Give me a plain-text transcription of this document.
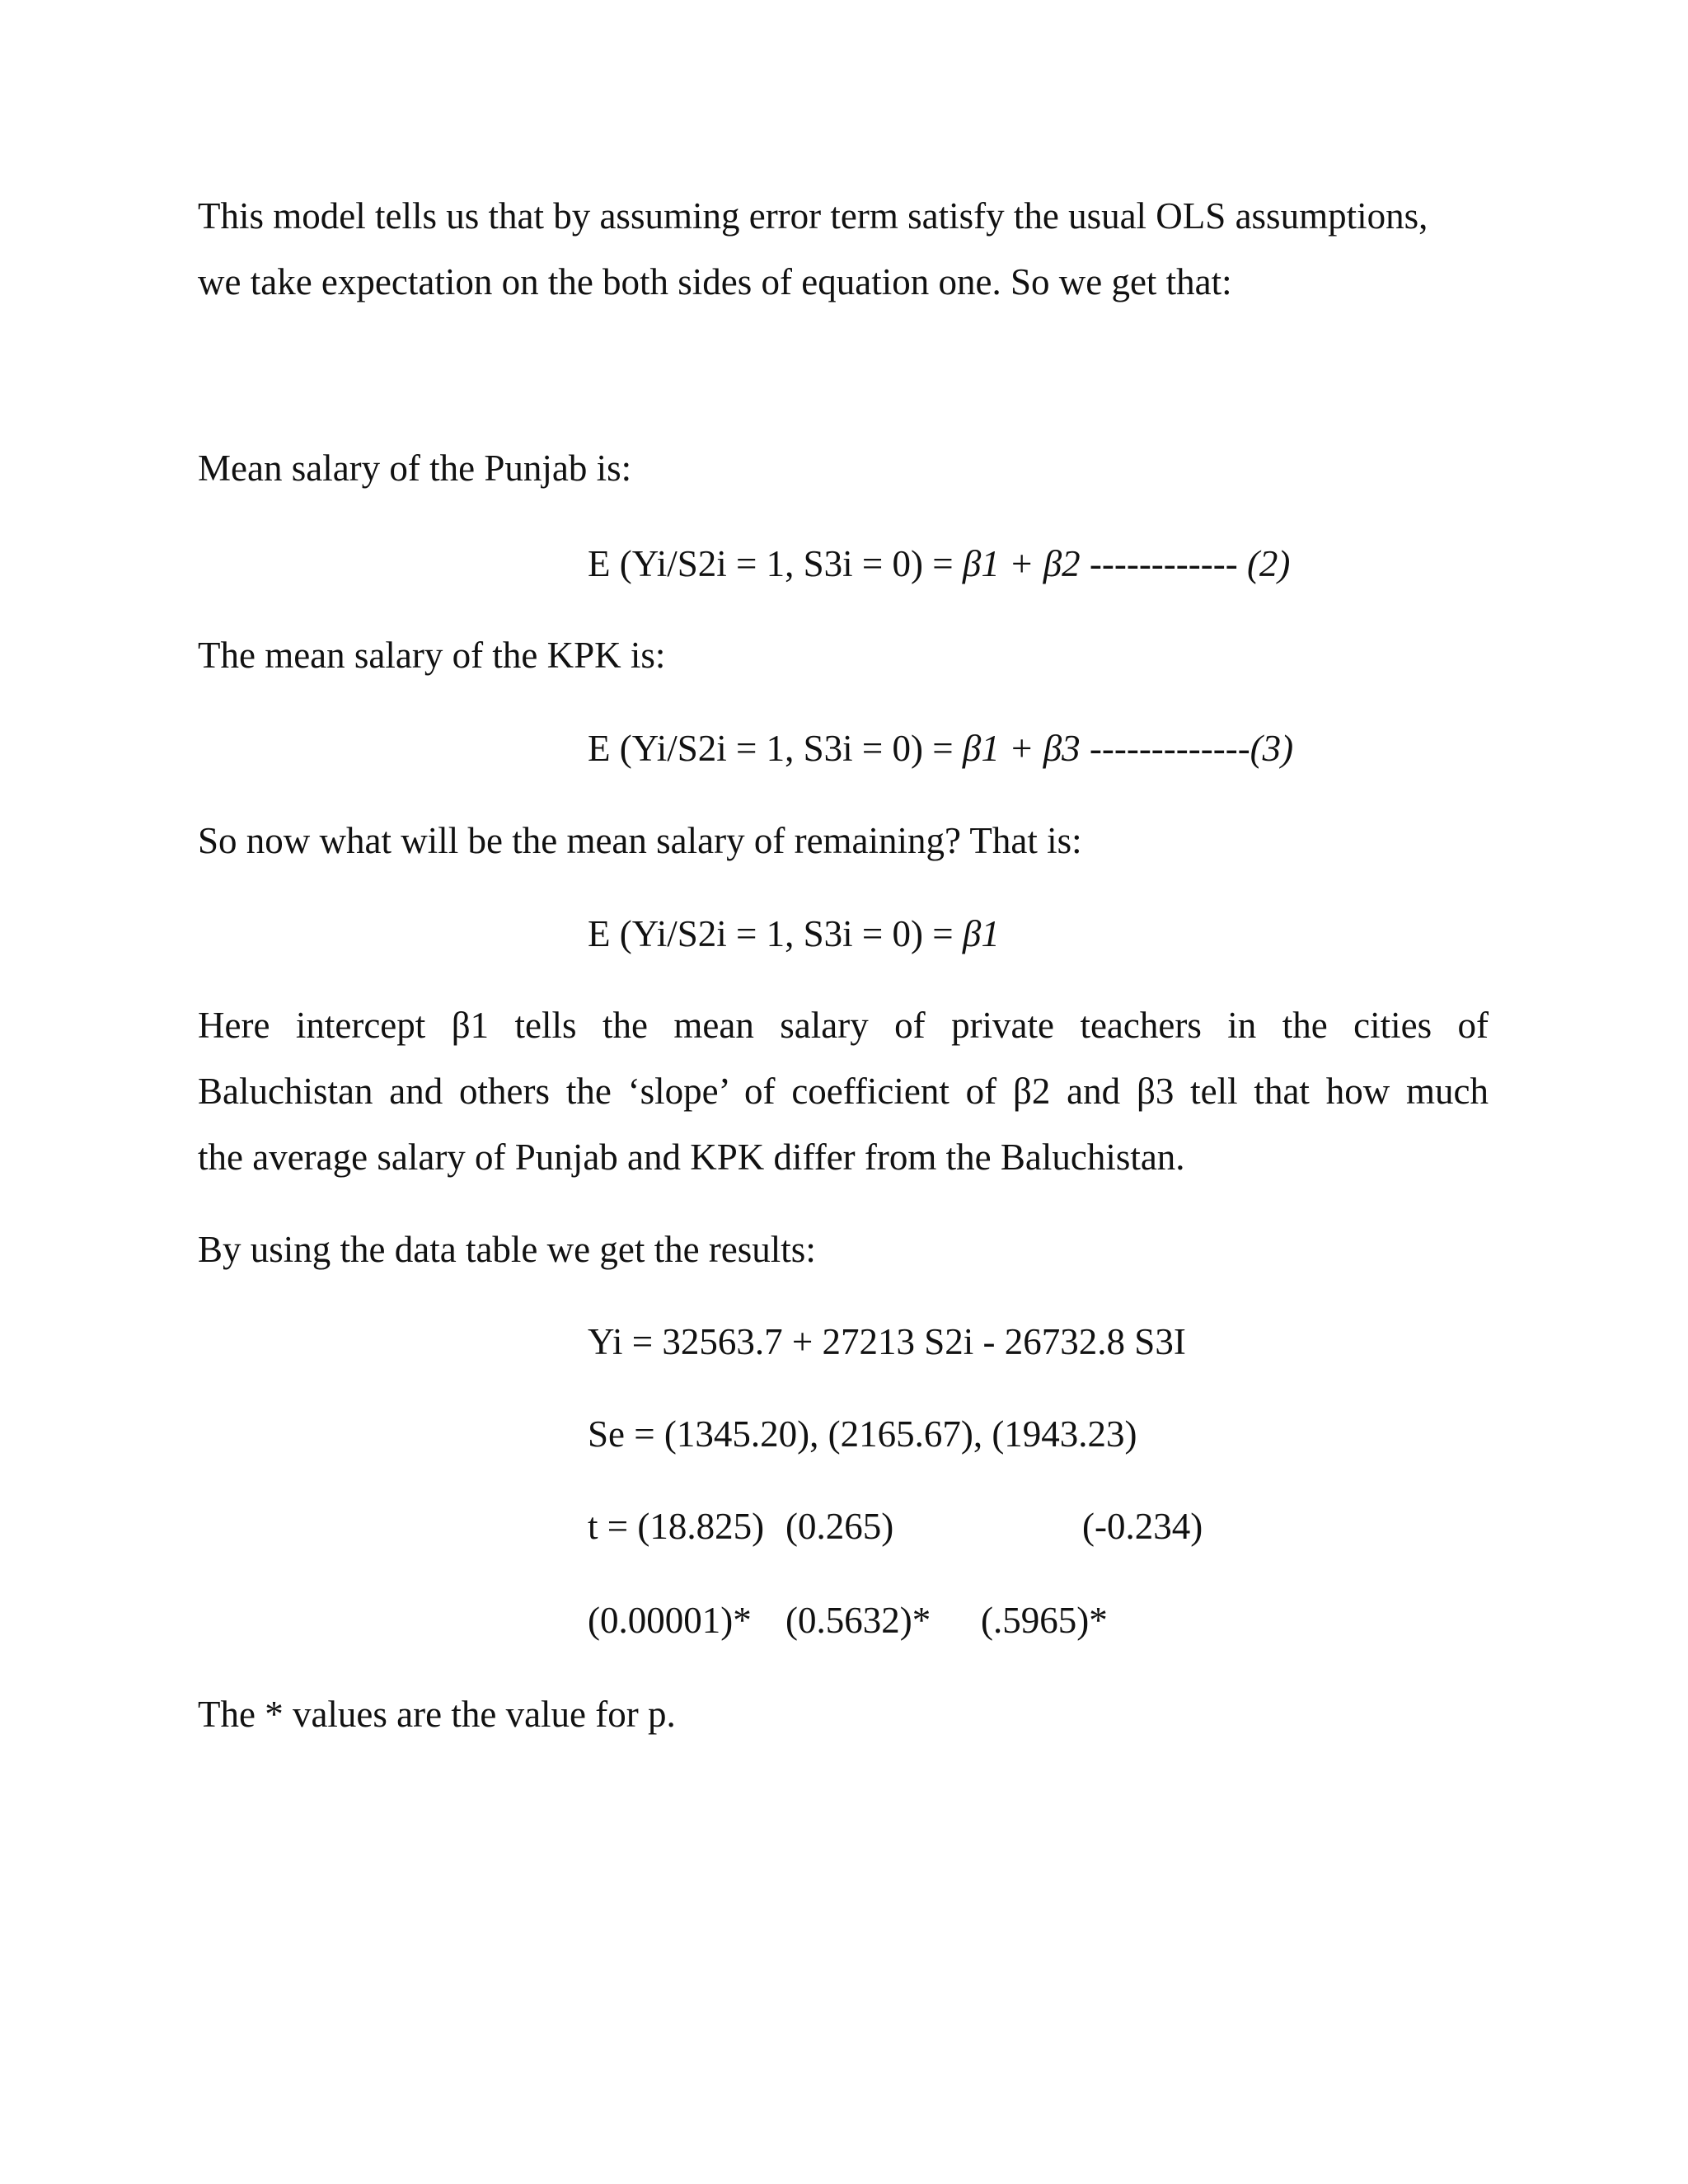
This model tells us that by assuming error term satisfy the usual OLS assumptions,
we take expectation on the both sides of equation one. So we get that:
Mean salary of the Punjab is:
E (Yi/S2i = 1, S3i = 0) = β1 + β2 ------------ (2)
The mean salary of the KPK is:
E (Yi/S2i = 1, S3i = 0) = β1 + β3 -------------(3)
So now what will be the mean salary of remaining? That is:
E (Yi/S2i = 1, S3i = 0) = β1
Here intercept β1 tells the mean salary of private teachers in the cities of
Baluchistan and others the ‘slope’ of coefficient of β2 and β3 tell that how much
the average salary of Punjab and KPK differ from the Baluchistan.
By using the data table we get the results:
Yi = 32563.7 + 27213 S2i - 26732.8 S3I
Se = (1345.20), (2165.67), (1943.23)
t = (18.825) (0.265)	(-0.234)
(0.00001)* (0.5632)* (.5965)*
The * values are the value for p.
